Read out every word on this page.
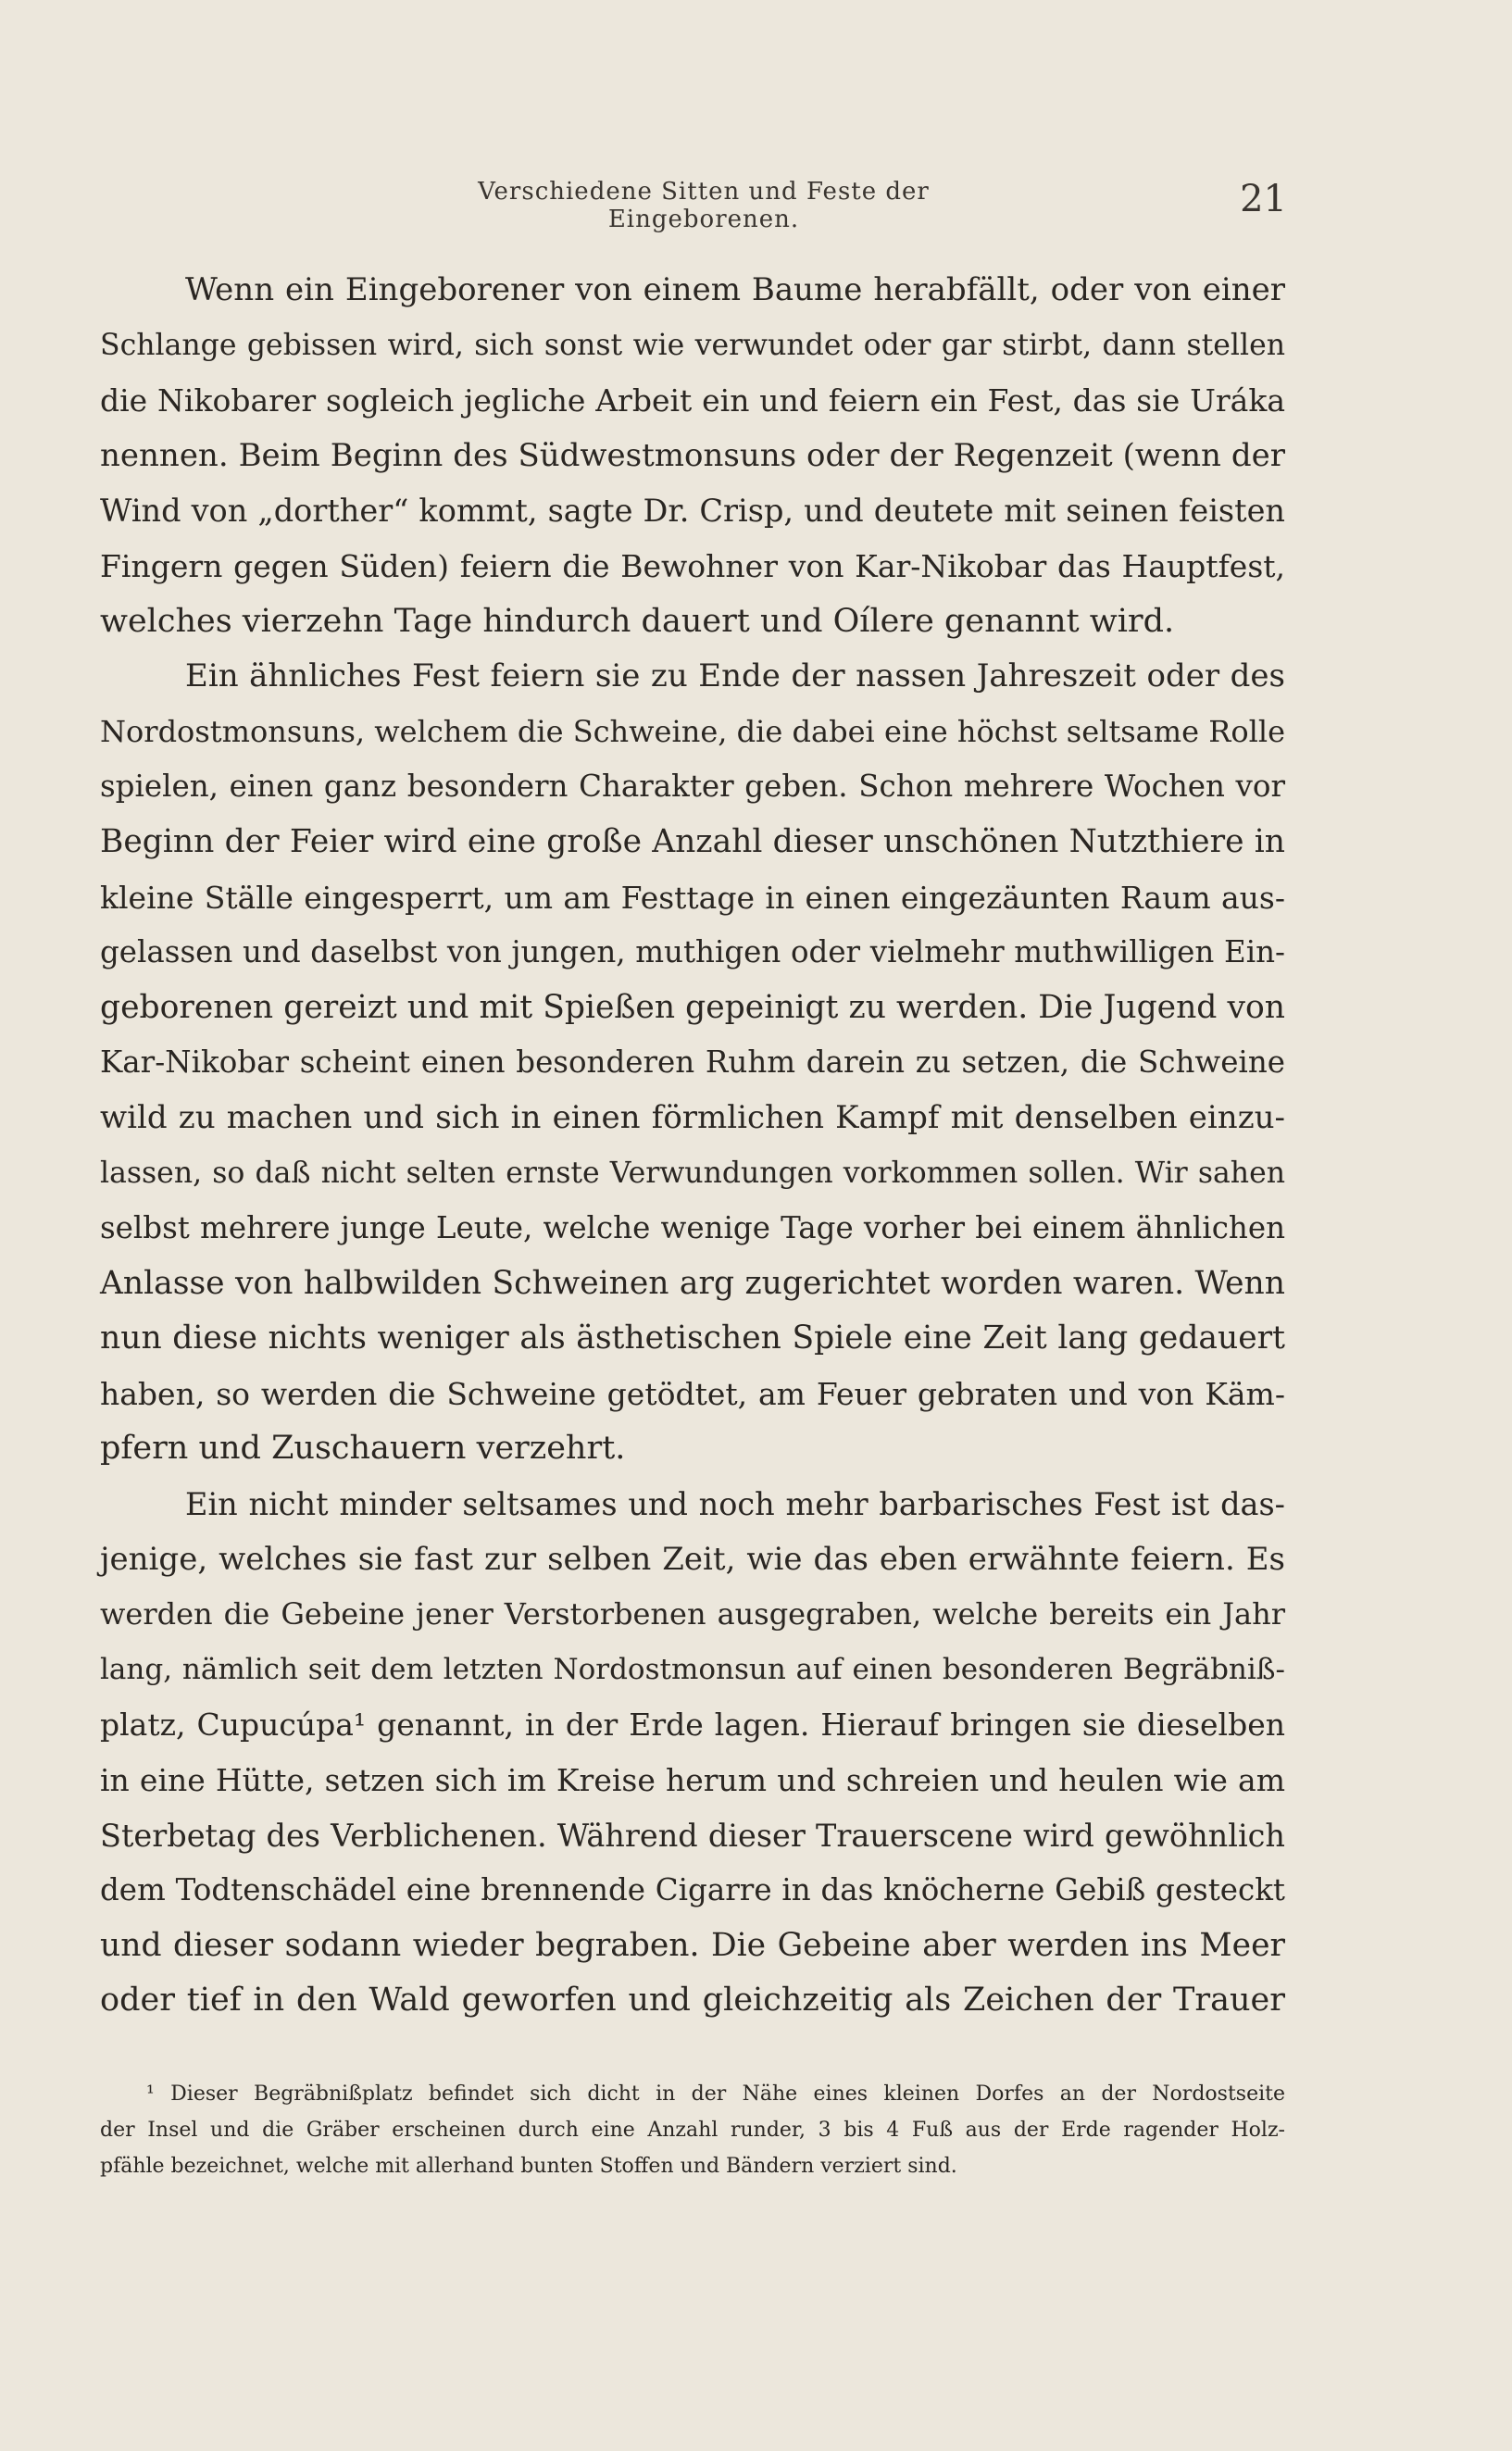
Verschiedene Sitten und Feste der Eingeborenen.	21
Wenn ein Eingeborener von einem Baume herabfällt, oder von einer
Schlange gebissen wird, sich sonst wie verwundet oder gar stirbt, dann stellen
die Nikobarer sogleich jegliche Arbeit ein und feiern ein Fest, das sie Uráka
nennen. Beim Beginn des Südwestmonsuns oder der Regenzeit (wenn der
Wind von „dorther“ kommt, sagte Dr. Crisp, und deutete mit seinen feisten
Fingern gegen Süden) feiern die Bewohner von Kar-Nikobar das Hauptfest,
welches vierzehn Tage hindurch dauert und Oílere genannt wird.
Ein ähnliches Fest feiern sie zu Ende der nassen Jahreszeit oder des
Nordostmonsuns, welchem die Schweine, die dabei eine höchst seltsame Rolle
spielen, einen ganz besondern Charakter geben. Schon mehrere Wochen vor
Beginn der Feier wird eine große Anzahl dieser unschönen Nutzthiere in
kleine Ställe eingesperrt, um am Festtage in einen eingezäunten Raum aus-
gelassen und daselbst von jungen, muthigen oder vielmehr muthwilligen Ein-
geborenen gereizt und mit Spießen gepeinigt zu werden. Die Jugend von
Kar-Nikobar scheint einen besonderen Ruhm darein zu setzen, die Schweine
wild zu machen und sich in einen förmlichen Kampf mit denselben einzu-
lassen, so daß nicht selten ernste Verwundungen vorkommen sollen. Wir sahen
selbst mehrere junge Leute, welche wenige Tage vorher bei einem ähnlichen
Anlasse von halbwilden Schweinen arg zugerichtet worden waren. Wenn
nun diese nichts weniger als ästhetischen Spiele eine Zeit lang gedauert
haben, so werden die Schweine getödtet, am Feuer gebraten und von Käm-
pfern und Zuschauern verzehrt.
Ein nicht minder seltsames und noch mehr barbarisches Fest ist das-
jenige, welches sie fast zur selben Zeit, wie das eben erwähnte feiern. Es
werden die Gebeine jener Verstorbenen ausgegraben, welche bereits ein Jahr
lang, nämlich seit dem letzten Nordostmonsun auf einen besonderen Begräbniß-
platz, Cupucúpa¹ genannt, in der Erde lagen. Hierauf bringen sie dieselben
in eine Hütte, setzen sich im Kreise herum und schreien und heulen wie am
Sterbetag des Verblichenen. Während dieser Trauerscene wird gewöhnlich
dem Todtenschädel eine brennende Cigarre in das knöcherne Gebiß gesteckt
und dieser sodann wieder begraben. Die Gebeine aber werden ins Meer
oder tief in den Wald geworfen und gleichzeitig als Zeichen der Trauer
¹ Dieser Begräbnißplatz befindet sich dicht in der Nähe eines kleinen Dorfes an der Nordostseite
der Insel und die Gräber erscheinen durch eine Anzahl runder, 3 bis 4 Fuß aus der Erde ragender Holz-
pfähle bezeichnet, welche mit allerhand bunten Stoffen und Bändern verziert sind.
